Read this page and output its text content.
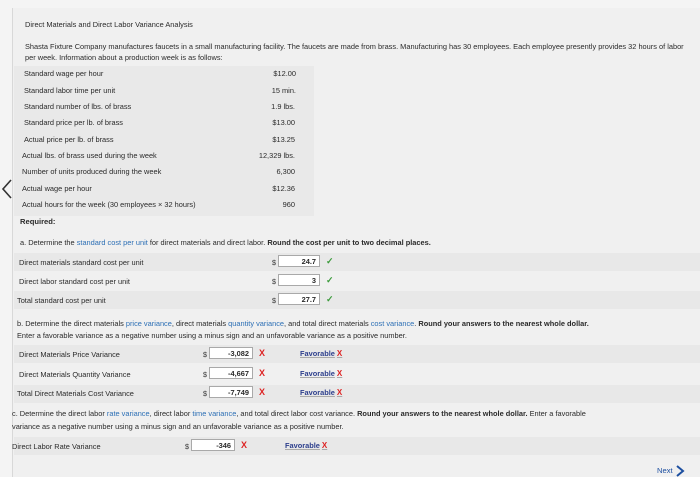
Direct Materials and Direct Labor Variance Analysis
Shasta Fixture Company manufactures faucets in a small manufacturing facility. The faucets are made from brass. Manufacturing has 30 employees. Each employee presently provides 32 hours of labor per week. Information about a production week is as follows:
Standard wage per hour	$12.00
Standard labor time per unit	15 min.
Standard number of lbs. of brass	1.9 lbs.
Standard price per lb. of brass	$13.00
Actual price per lb. of brass	$13.25
Actual lbs. of brass used during the week	12,329 lbs.
Number of units produced during the week	6,300
Actual wage per hour	$12.36
Actual hours for the week (30 employees × 32 hours)	960
Required:
a. Determine the standard cost per unit for direct materials and direct labor. Round the cost per unit to two decimal places.
Direct materials standard cost per unit	$	24.7	✓
Direct labor standard cost per unit	$	3	✓
Total standard cost per unit	$	27.7	✓
b. Determine the direct materials price variance, direct materials quantity variance, and total direct materials cost variance. Round your answers to the nearest whole dollar.
Enter a favorable variance as a negative number using a minus sign and an unfavorable variance as a positive number.
Direct Materials Price Variance	$	-3,082	X	Favorable X
Direct Materials Quantity Variance	$	-4,667	X	Favorable X
Total Direct Materials Cost Variance	$	-7,749	X	Favorable X
c. Determine the direct labor rate variance, direct labor time variance, and total direct labor cost variance. Round your answers to the nearest whole dollar. Enter a favorable
variance as a negative number using a minus sign and an unfavorable variance as a positive number.
Direct Labor Rate Variance	$	-346	X	Favorable X
Next
